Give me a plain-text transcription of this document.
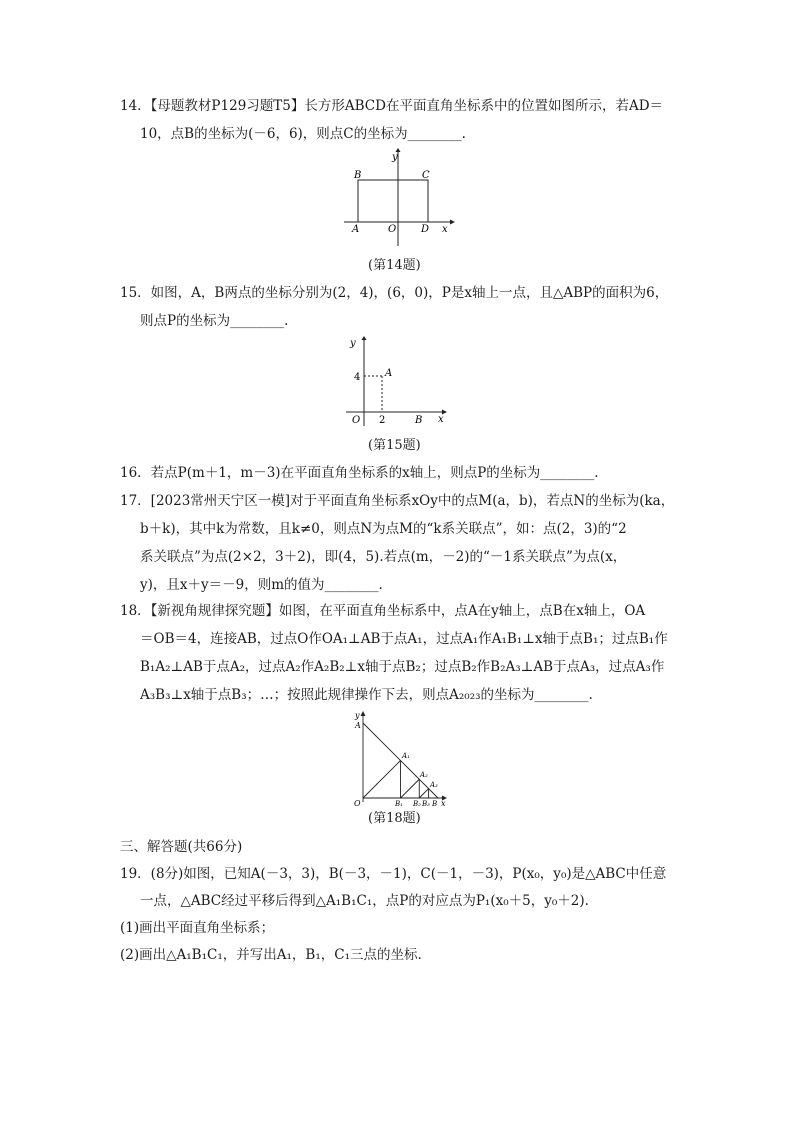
14．【母题教材P129习题T5】长方形ABCD在平面直角坐标系中的位置如图所示，若AD＝
10，点B的坐标为(－6，6)，则点C的坐标为________.
y
x
B	C
A	O D
(第14题)
15．如图，A，B两点的坐标分别为(2，4)，(6，0)，P是x轴上一点，且△ABP的面积为6，
则点P的坐标为________.
y
x
4 A
O 2	B
(第15题)
16．若点P(m＋1，m－3)在平面直角坐标系的x轴上，则点P的坐标为________.
17．[2023常州天宁区一模]对于平面直角坐标系xOy中的点M(a，b)，若点N的坐标为(ka，
b＋k)，其中k为常数，且k≠0，则点N为点M的“k系关联点”，如：点(2，3)的“2
系关联点”为点(2×2，3＋2)，即(4，5).若点(m，－2)的“－1系关联点”为点(x，
y)，且x＋y＝－9，则m的值为________.
18．【新视角规律探究题】如图，在平面直角坐标系中，点A在y轴上，点B在x轴上，OA
＝OB＝4，连接AB，过点O作OA₁⊥AB于点A₁，过点A₁作A₁B₁⊥x轴于点B₁；过点B₁作
B₁A₂⊥AB于点A₂，过点A₂作A₂B₂⊥x轴于点B₂；过点B₂作B₂A₃⊥AB于点A₃，过点A₃作
A₃B₃⊥x轴于点B₃；…；按照此规律操作下去，则点A₂₀₂₃的坐标为________.
y
x
A
O
A₁
A₂
A₃
B₁ B₂ B₃ B
(第18题)
三、解答题(共66分)
19．(8分)如图，已知A(－3，3)，B(－3，－1)，C(－1，－3)，P(x₀，y₀)是△ABC中任意
一点，△ABC经过平移后得到△A₁B₁C₁，点P的对应点为P₁(x₀＋5，y₀＋2).
(1)画出平面直角坐标系；
(2)画出△A₁B₁C₁，并写出A₁，B₁，C₁三点的坐标.
